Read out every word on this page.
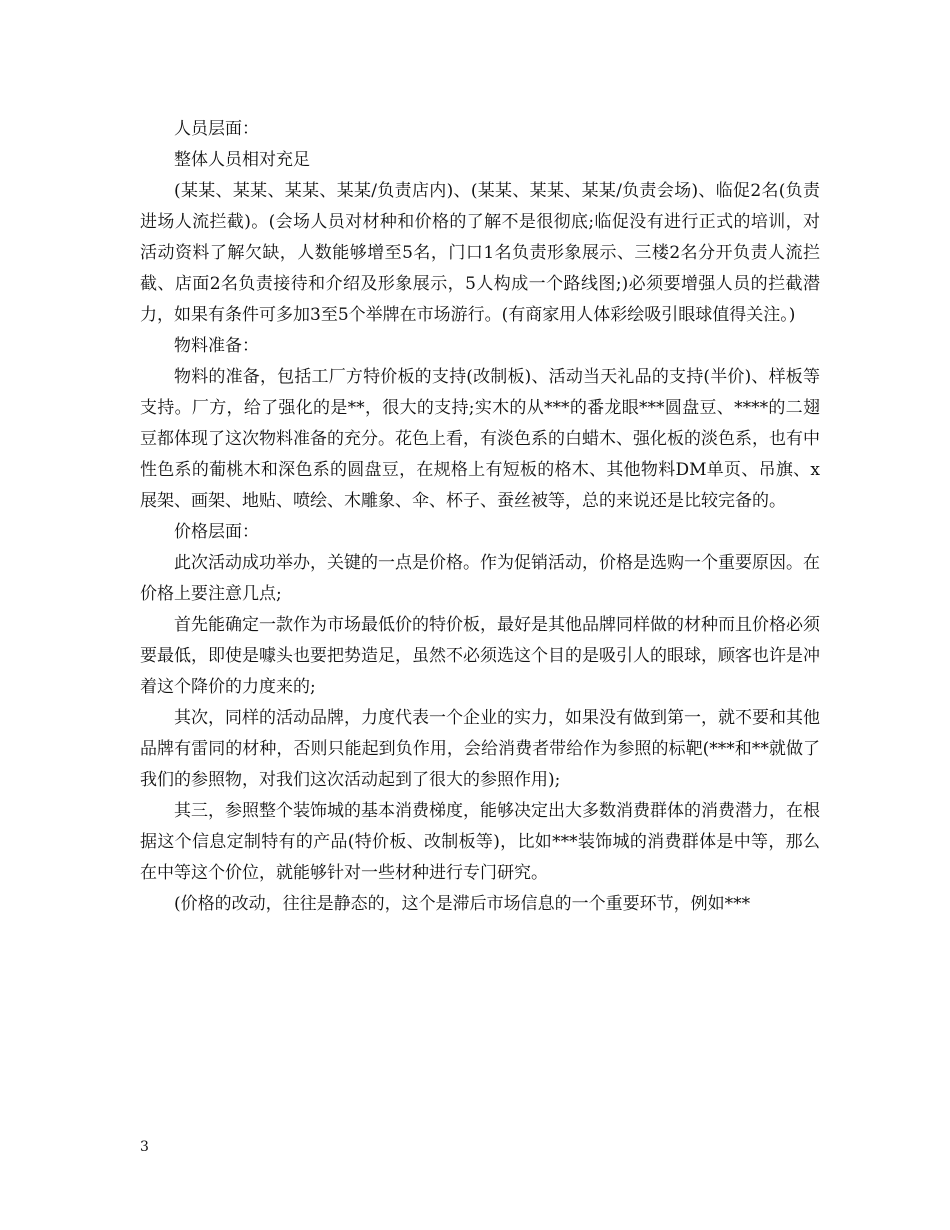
人员层面：

整体人员相对充足

(某某、某某、某某、某某/负责店内)、(某某、某某、某某/负责会场)、临促2名(负责进场人流拦截)。(会场人员对材种和价格的了解不是很彻底;临促没有进行正式的培训，对活动资料了解欠缺，人数能够增至5名，门口1名负责形象展示、三楼2名分开负责人流拦截、店面2名负责接待和介绍及形象展示，5人构成一个路线图;)必须要增强人员的拦截潜力，如果有条件可多加3至5个举牌在市场游行。(有商家用人体彩绘吸引眼球值得关注。)

物料准备：

物料的准备，包括工厂方特价板的支持(改制板)、活动当天礼品的支持(半价)、样板等支持。厂方，给了强化的是**，很大的支持;实木的从***的番龙眼***圆盘豆、****的二翅豆都体现了这次物料准备的充分。花色上看，有淡色系的白蜡木、强化板的淡色系，也有中性色系的葡桃木和深色系的圆盘豆，在规格上有短板的格木、其他物料DM单页、吊旗、x展架、画架、地贴、喷绘、木雕象、伞、杯子、蚕丝被等，总的来说还是比较完备的。

价格层面：

此次活动成功举办，关键的一点是价格。作为促销活动，价格是选购一个重要原因。在价格上要注意几点;

首先能确定一款作为市场最低价的特价板，最好是其他品牌同样做的材种而且价格必须要最低，即使是噱头也要把势造足，虽然不必须选这个目的是吸引人的眼球，顾客也许是冲着这个降价的力度来的;

其次，同样的活动品牌，力度代表一个企业的实力，如果没有做到第一，就不要和其他品牌有雷同的材种，否则只能起到负作用，会给消费者带给作为参照的标靶(***和**就做了我们的参照物，对我们这次活动起到了很大的参照作用);

其三，参照整个装饰城的基本消费梯度，能够决定出大多数消费群体的消费潜力，在根据这个信息定制特有的产品(特价板、改制板等)，比如***装饰城的消费群体是中等，那么在中等这个价位，就能够针对一些材种进行专门研究。

(价格的改动，往往是静态的，这个是滞后市场信息的一个重要环节，例如***

3
